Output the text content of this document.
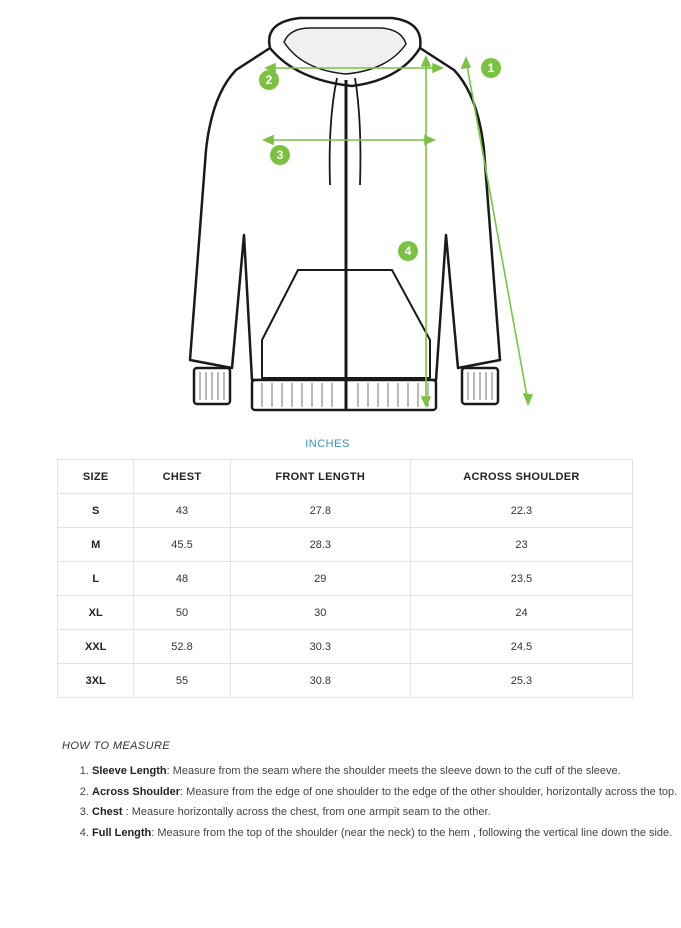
1
2
3
4
INCHES
SIZE	CHEST	FRONT LENGTH	ACROSS SHOULDER
S	43	27.8	22.3
M	45.5	28.3	23
L	48	29	23.5
XL	50	30	24
XXL	52.8	30.3	24.5
3XL	55	30.8	25.3
HOW TO MEASURE
1. Sleeve Length: Measure from the seam where the shoulder meets the sleeve down to the cuff of the sleeve.
2. Across Shoulder: Measure from the edge of one shoulder to the edge of the other shoulder, horizontally across the top.
3. Chest : Measure horizontally across the chest, from one armpit seam to the other.
4. Full Length: Measure from the top of the shoulder (near the neck) to the hem , following the vertical line down the side.
